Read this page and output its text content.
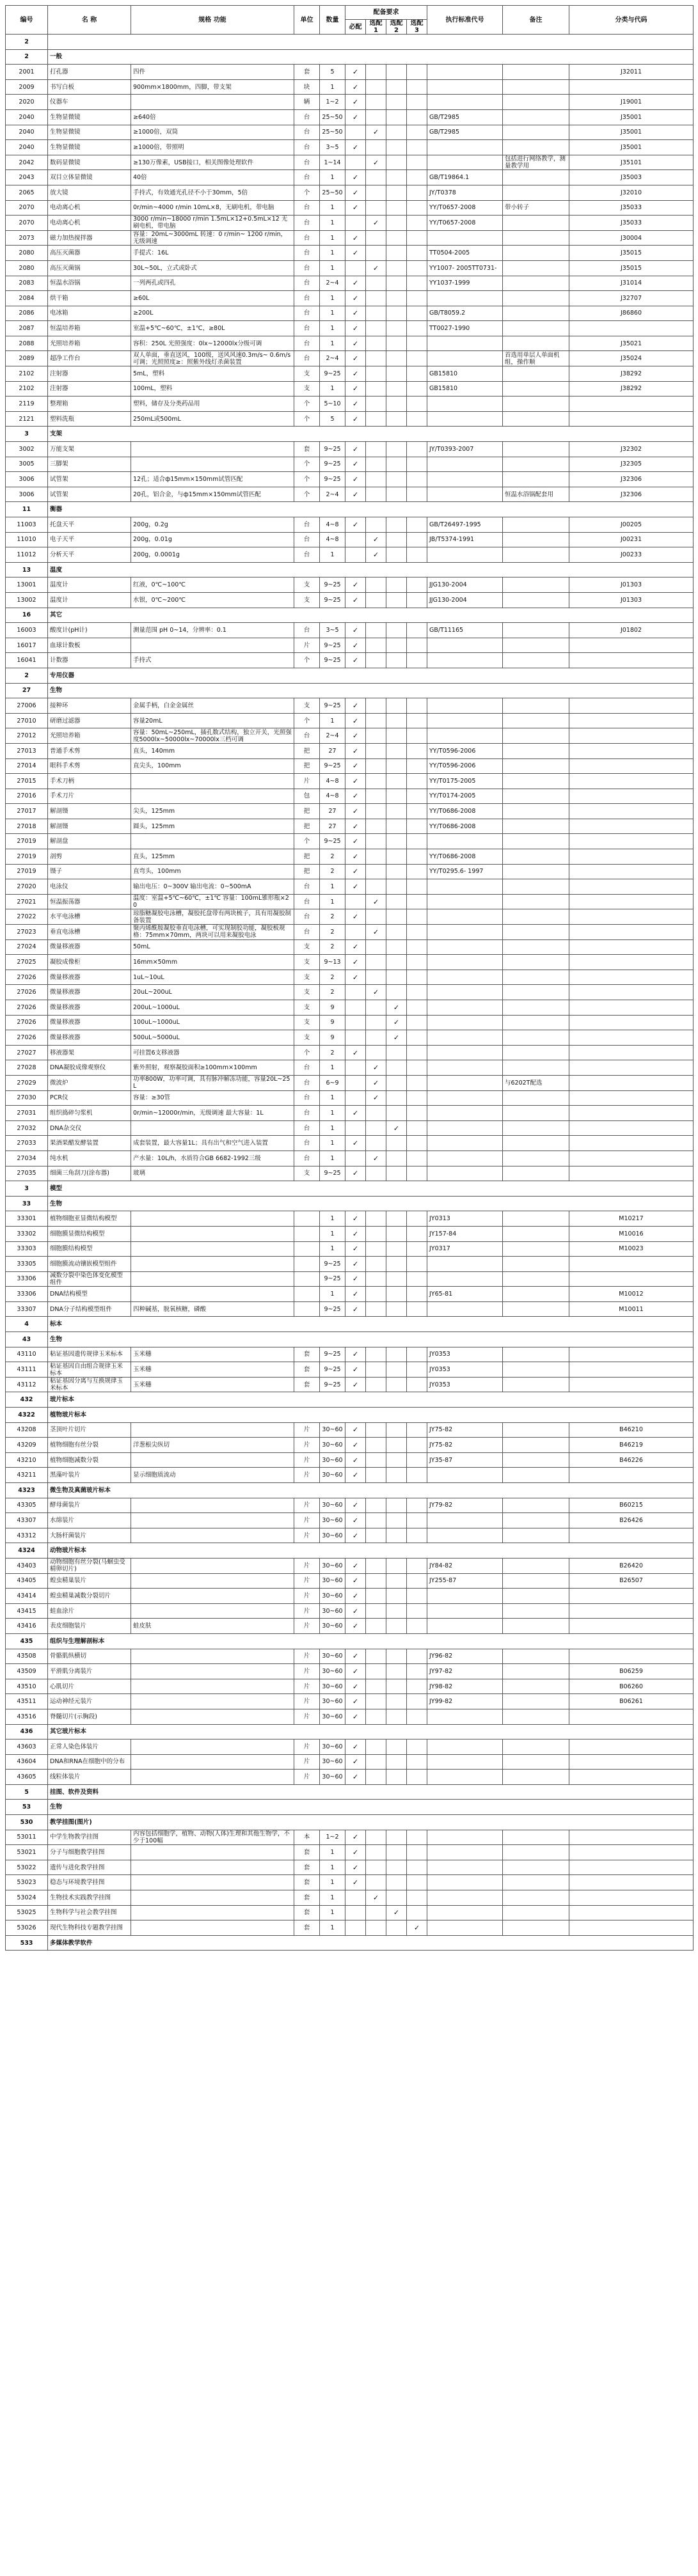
编号	名 称	规格 功能	单位	数量	配备要求				执行标准代号	备注	分类与代码
					必配	选配1	选配2	选配3			
2											
2	一般										
2001	打孔器	四件	套	5	✓						J32011
2009	书写白板	900mm×1800mm，四脚，带支架	块	1	✓						
2020	仪器车		辆	1~2	✓						J19001
2040	生物显微镜	≥640倍	台	25~50	✓				GB/T2985		J35001
2040	生物显微镜	≥1000倍，双筒	台	25~50		✓			GB/T2985		J35001
2040	生物显微镜	≥1000倍，带照明	台	3~5	✓						J35001
2042	数码显微镜	≥130万像素，USB接口，相关图像处理软件	台	1~14		✓				包括进行网络教学，测量教学用	J35101
2043	双目立体显微镜	40倍	台	1	✓				GB/T19864.1		J35003
2065	放大镜	手持式，有效通光孔径不小于30mm，5倍	个	25~50	✓				JY/T0378		J32010
2070	电动离心机	0r/min~4000 r/min 10mL×8，无刷电机，带电脑	台	1	✓				YY/T0657-2008	带小转子	J35033
2070	电动离心机	3000 r/min~18000 r/min 1.5mL×12+0.5mL×12 无刷电机，带电脑	台	1		✓			YY/T0657-2008		J35033
2073	磁力加热搅拌器	容量：20mL~3000mL 转速：0 r/min~ 1200 r/min，无级调速	台	1	✓						J30004
2080	高压灭菌器	手提式：16L	台	1	✓				TT0504-2005		J35015
2080	高压灭菌锅	30L~50L，立式或卧式	台	1		✓			YY1007- 2005TT0731-		J35015
2083	恒温水浴锅	一列两孔或四孔	台	2~4	✓				YY1037-1999		J31014
2084	烘干箱	≥60L	台	1	✓						J32707
2086	电冰箱	≥200L	台	1	✓				GB/T8059.2		J86860
2087	恒温培养箱	室温+5℃~60℃，±1℃，≥80L	台	1	✓				TT0027-1990		
2088	光照培养箱	容积：250L 光照强度：0lx~12000lx分级可调	台	1	✓						J35021
2089	超净工作台	双人单面，垂直送风，100级，送风风速0.3m/s~ 0.6m/s可调；光照照度≥：照紫外线灯杀菌装置	台	2~4	✓					首选用单层人单面机组，操作顺	J35024
2102	注射器	5mL，塑料	支	9~25	✓				GB15810		J38292
2102	注射器	100mL，塑料	支	1	✓				GB15810		J38292
2119	整理箱	塑料，储存及分类药品用	个	5~10	✓						
2121	塑料洗瓶	250mL或500mL	个	5	✓						
3	支架										
3002	万能支架		套	9~25	✓				JY/T0393-2007		J32302
3005	三脚架		个	9~25	✓						J32305
3006	试管架	12孔；适合ф15mm×150mm试管匹配	个	9~25	✓						J32306
3006	试管架	20孔，铝合金，与ф15mm×150mm试管匹配	个	2~4	✓					恒温水浴锅配套用	J32306
11	衡器										
11003	托盘天平	200g，0.2g	台	4~8	✓				GB/T26497-1995		J00205
11010	电子天平	200g，0.01g	台	4~8		✓			JB/T5374-1991		J00231
11012	分析天平	200g，0.0001g	台	1		✓					J00233
13	温度										
13001	温度计	红液，0℃~100℃	支	9~25	✓				JJG130-2004		J01303
13002	温度计	水银，0℃~200℃	支	9~25	✓				JJG130-2004		J01303
16	其它										
16003	酸度计(pH计)	测量范围 pH 0~14，分辨率：0.1	台	3~5	✓				GB/T11165		J01802
16017	血球计数板		片	9~25	✓						
16041	计数器	手持式	个	9~25	✓						
2	专用仪器										
27	生物										
27006	接种环	金属手柄，白金金属丝	支	9~25	✓						
27010	研磨过滤器	容量20mL	个	1	✓						
27012	光照培养箱	容量：50mL~250mL，插孔数式结构，独立开关，光照强度5000lx~50000lx~70000lx三档可调	台	2~4	✓						
27013	普通手术剪	直头，140mm	把	27	✓				YY/T0596-2006		
27014	眼科手术剪	直尖头，100mm	把	9~25	✓				YY/T0596-2006		
27015	手术刀柄		片	4~8	✓				YY/T0175-2005		
27016	手术刀片		包	4~8	✓				YY/T0174-2005		
27017	解剖镊	尖头，125mm	把	27	✓				YY/T0686-2008		
27018	解剖镊	圆头，125mm	把	27	✓				YY/T0686-2008		
27019	解剖盘		个	9~25	✓						
27019	剖剪	直头，125mm	把	2	✓				YY/T0686-2008		
27019	镊子	直弯头，100mm	把	2	✓				YY/T0295.6- 1997		
27020	电泳仪	输出电压：0~300V 输出电流：0~500mA	台	1	✓						
27021	恒温振荡器	温度：室温+5℃~60℃，±1℃ 容量：100mL锥形瓶×20	台	1		✓					
27022	水平电泳槽	琼脂糖凝胶电泳槽，凝胶托盘带有两块梳子，具有用凝胶制备装置	台	2	✓						
27023	垂直电泳槽	聚丙烯酰胺凝胶垂直电泳槽，可实现制胶功能，凝胶板规格：75mm×70mm，两块可以用来凝胶电泳	台	2		✓					
27024	微量移液器	50mL	支	2	✓						
27025	凝胶成像柜	16mm×50mm	支	9~13	✓						
27026	微量移液器	1uL~10uL	支	2	✓						
27026	微量移液器	20uL~200uL	支	2		✓					
27026	微量移液器	200uL~1000uL	支	9			✓				
27026	微量移液器	100uL~1000uL	支	9			✓				
27026	微量移液器	500uL~5000uL	支	9			✓				
27027	移液器架	可挂置6支移液器	个	2	✓						
27028	DNA凝胶成像观察仪	紫外照射，观察凝胶面积≥100mm×100mm	台	1		✓					
27029	微波炉	功率800W，功率可调，具有脉冲解冻功能，容量20L~25L	台	6~9		✓				与6202T配选	
27030	PCR仪	容量：≥30管	台	1		✓					
27031	组织捣碎匀浆机	0r/min~12000r/min，无级调速 最大容量：1L	台	1	✓						
27032	DNA杂交仪		台	1			✓				
27033	果酒果醋发酵装置	成套装置，最大容量1L；具有出气和空气进入装置	台	1	✓						
27034	纯水机	产水量：10L/h，水质符合GB 6682-1992三级	台	1		✓					
27035	细菌三角刮刀(涂布器)	玻璃	支	9~25	✓						
3	模型										
33	生物										
33301	植物细胞亚显微结构模型			1	✓				JY0313		M10217
33302	细胞膜显微结构模型			1	✓				JY157-84		M10016
33303	细胞膜结构模型			1	✓				JY0317		M10023
33305	细胞膜流动镶嵌模型组件			9~25	✓						
33306	减数分裂中染色体变化模型组件			9~25	✓						
33306	DNA结构模型			1	✓				JY65-81		M10012
33307	DNA分子结构模型组件	四种碱基，脱氧核糖，磷酸		9~25	✓						M10011
4	标本										
43	生物										
43110	粘证基因遗传规律玉米标本	玉米穗	套	9~25	✓				JY0353		
43111	粘证基因自由组合规律玉米标本	玉米穗	套	9~25	✓				JY0353		
43112	粘证基因分离与互换规律玉米标本	玉米穗	套	9~25	✓				JY0353		
432	玻片标本										
4322	植物玻片标本										
43208	茎顶叶片切片		片	30~60	✓				JY75-82		B46210
43209	植物细胞有丝分裂	洋葱根尖纵切	片	30~60	✓				JY75-82		B46219
43210	植物细胞减数分裂		片	30~60	✓				JY35-87		B46226
43211	黑藻叶装片	显示细胞质流动	片	30~60	✓						
4323	微生物及真菌玻片标本										
43305	酵母菌装片		片	30~60	✓				JY79-82		B60215
43307	水绵装片		片	30~60	✓						B26426
43312	大肠杆菌装片		片	30~60	✓						
4324	动物玻片标本										
43403	动物细胞有丝分裂(马蛔虫受精卵切片)		片	30~60	✓				JY84-82		B26420
43405	蝗虫精巢装片		片	30~60	✓				JY255-87		B26507
43414	蝗虫精巢减数分裂切片		片	30~60	✓						
43415	蛙血涂片		片	30~60	✓						
43416	表皮细胞装片	蛙皮肤	片	30~60	✓						
435	组织与生理解剖标本										
43508	骨骼肌纵横切		片	30~60	✓				JY96-82		
43509	平滑肌分离装片		片	30~60	✓				JY97-82		B06259
43510	心肌切片		片	30~60	✓				JY98-82		B06260
43511	运动神经元装片		片	30~60	✓				JY99-82		B06261
43516	脊髓切片(示胸段)		片	30~60	✓						
436	其它玻片标本										
43603	正常人染色体装片		片	30~60	✓						
43604	DNA和RNA在细胞中的分布		片	30~60	✓						
43605	线粒体装片		片	30~60	✓						
5	挂图、软件及资料										
53	生物										
530	教学挂图(图片)										
53011	中学生物教学挂图	内容包括细胞学，植物、动物(人体)生理和其他生物学，不少于100幅	本	1~2	✓						
53021	分子与细胞教学挂图		套	1	✓						
53022	遗传与进化教学挂图		套	1	✓						
53023	稳态与环境教学挂图		套	1	✓						
53024	生物技术实践教学挂图		套	1		✓					
53025	生物科学与社会教学挂图		套	1			✓				
53026	现代生物科技专题教学挂图		套	1				✓			
533	多媒体教学软件										
